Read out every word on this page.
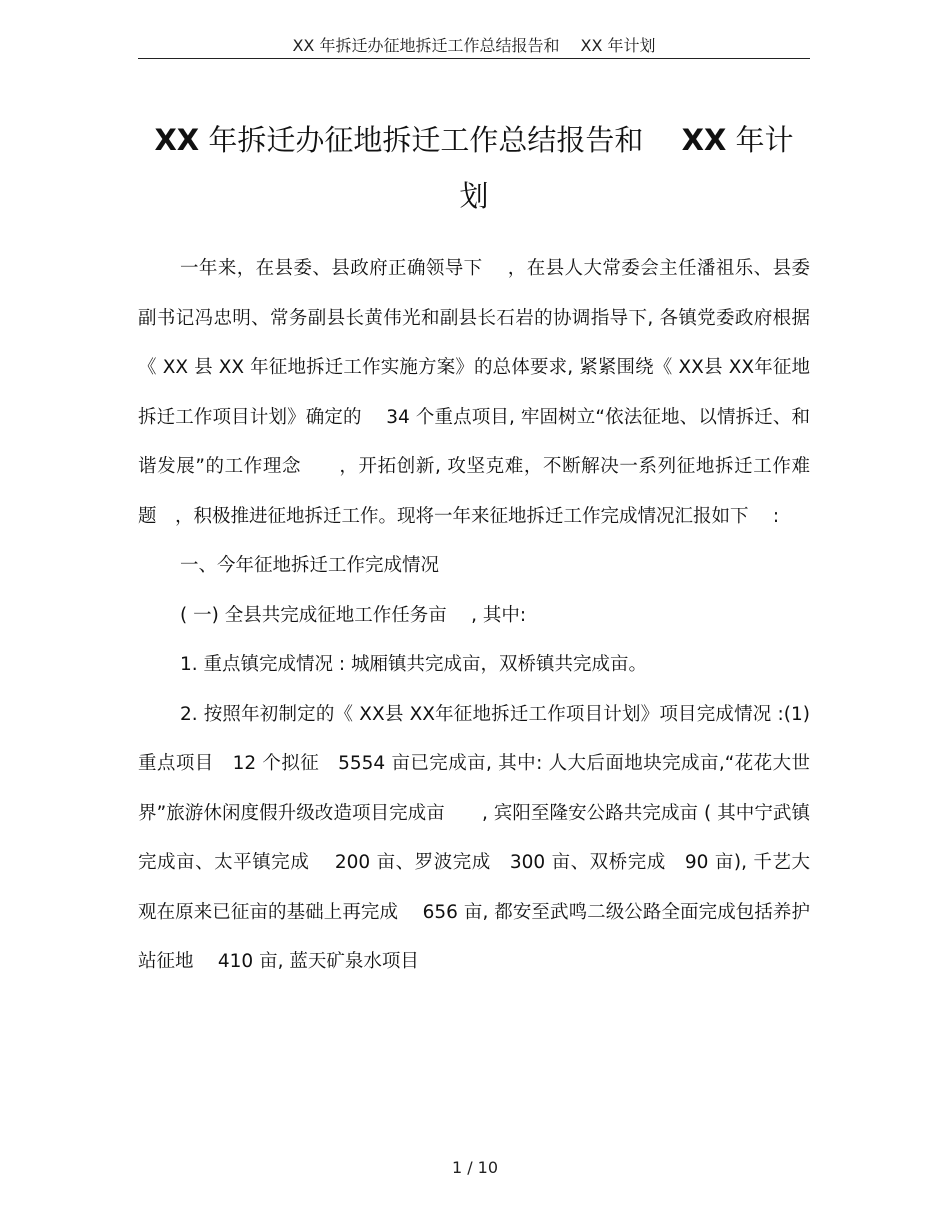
XX 年拆迁办征地拆迁工作总结报告和　 XX 年计划
XX 年拆迁办征地拆迁工作总结报告和　 XX 年计
划

一年来，在县委、县政府正确领导下　 ，在县人大常委会主任潘祖乐、县委副书记冯忠明、常务副县长黄伟光和副县长石岩的协调指导下, 各镇党委政府根据《 XX 县 XX 年征地拆迁工作实施方案》的总体要求, 紧紧围绕《 XX县 XX年征地拆迁工作项目计划》确定的　 34 个重点项目, 牢固树立“依法征地、以情拆迁、和谐发展”的工作理念　　，开拓创新, 攻坚克难，不断解决一系列征地拆迁工作难题　，积极推进征地拆迁工作。现将一年来征地拆迁工作完成情况汇报如下　 :

一、今年征地拆迁工作完成情况

( 一) 全县共完成征地工作任务亩　 , 其中:

1. 重点镇完成情况 : 城厢镇共完成亩，双桥镇共完成亩。

2. 按照年初制定的《 XX县 XX年征地拆迁工作项目计划》项目完成情况 :(1)　重点项目　12 个拟征　5554 亩已完成亩, 其中: 人大后面地块完成亩,“花花大世界”旅游休闲度假升级改造项目完成亩　　, 宾阳至隆安公路共完成亩 ( 其中宁武镇完成亩、太平镇完成　 200 亩、罗波完成　300 亩、双桥完成　90 亩), 千艺大观在原来已征亩的基础上再完成　 656 亩, 都安至武鸣二级公路全面完成包括养护站征地　 410 亩, 蓝天矿泉水项目

1 / 10
